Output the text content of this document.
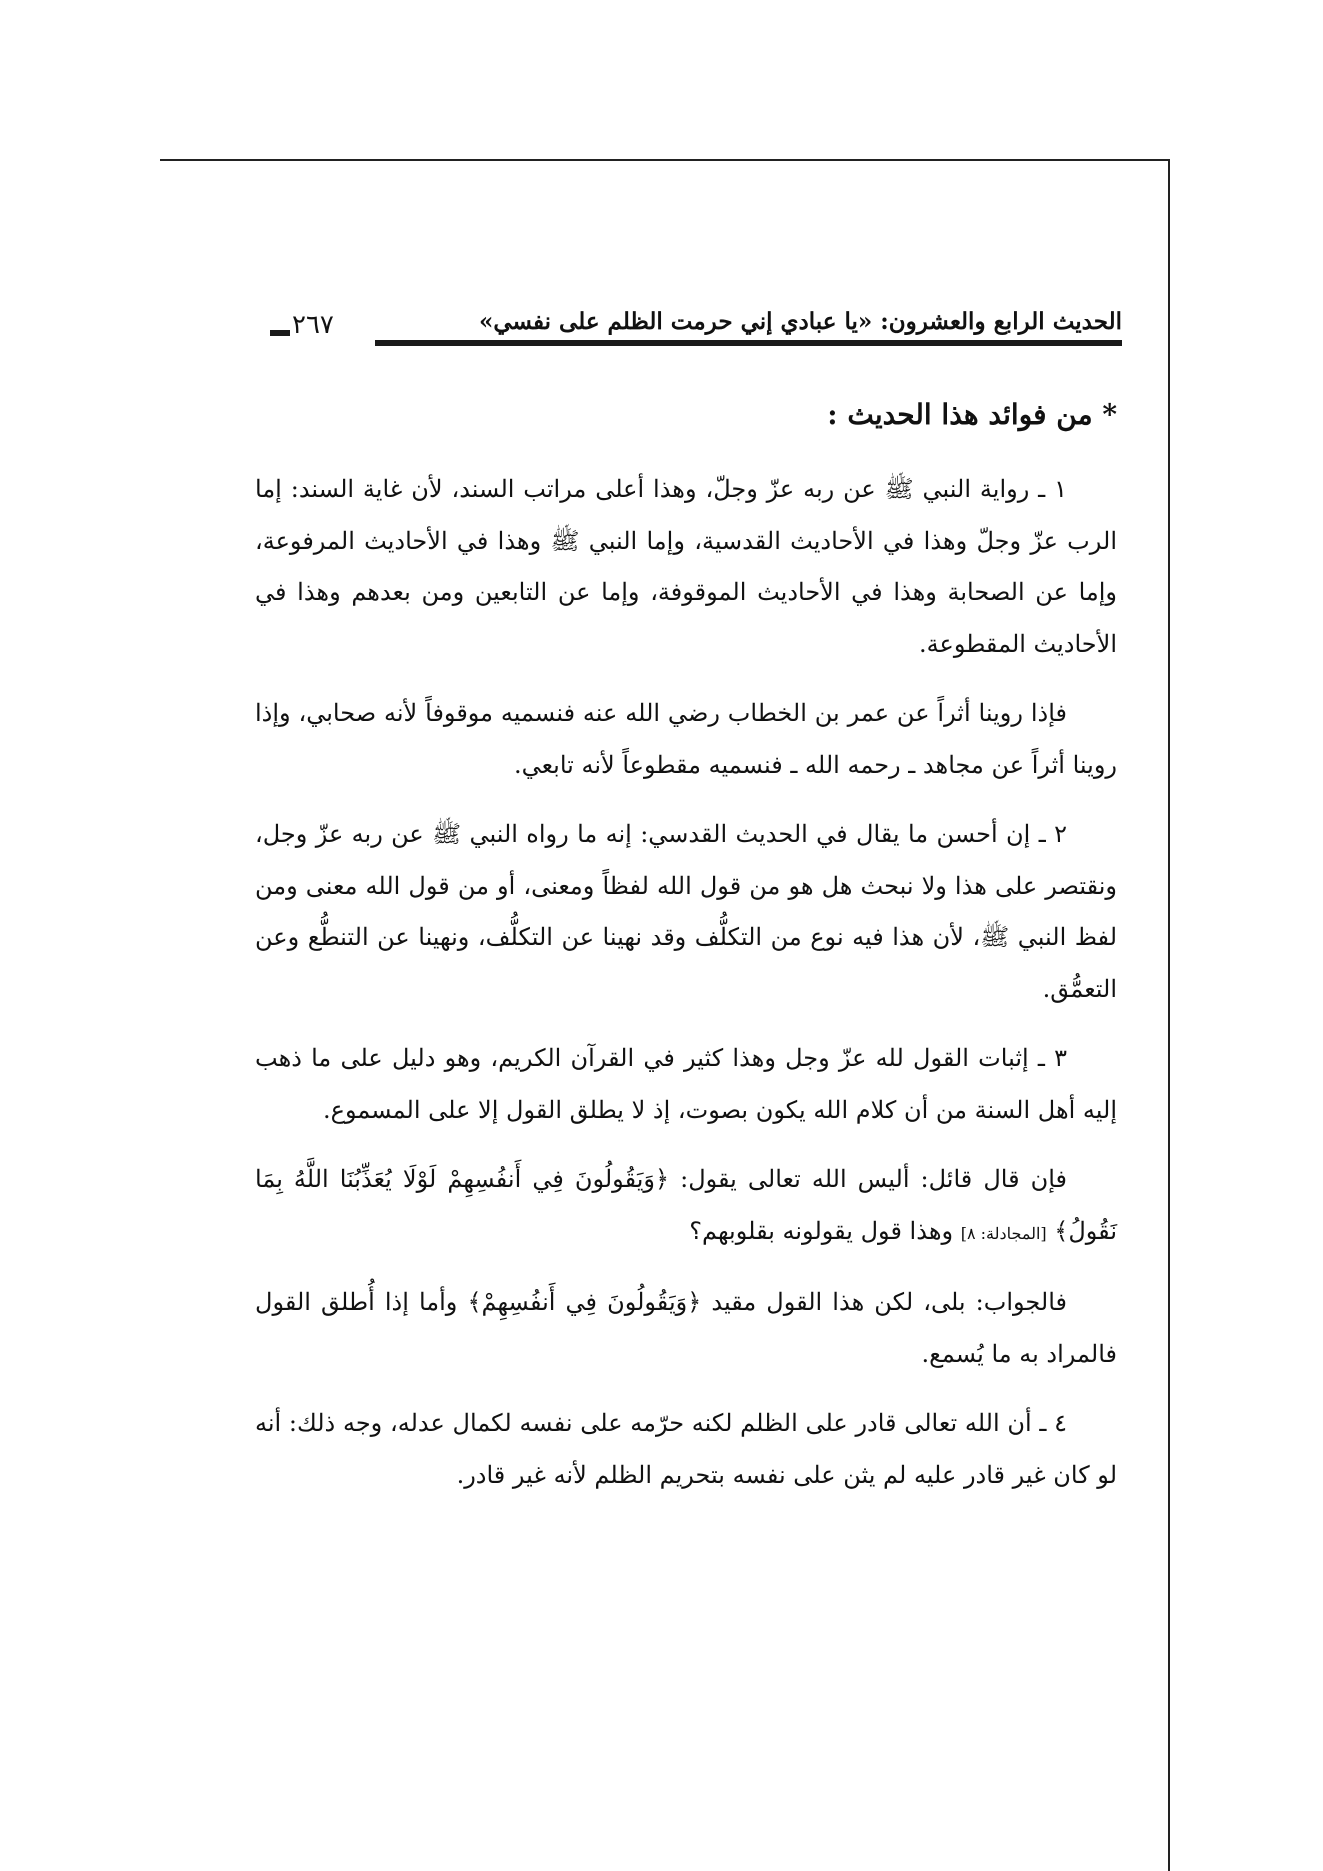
الحديث الرابع والعشرون: «يا عبادي إني حرمت الظلم على نفسي»
٢٦٧
* من فوائد هذا الحديث :

١ ـ رواية النبي ﷺ عن ربه عزّ وجلّ، وهذا أعلى مراتب السند، لأن غاية السند: إما الرب عزّ وجلّ وهذا في الأحاديث القدسية، وإما النبي ﷺ وهذا في الأحاديث المرفوعة، وإما عن الصحابة وهذا في الأحاديث الموقوفة، وإما عن التابعين ومن بعدهم وهذا في الأحاديث المقطوعة.

فإذا روينا أثراً عن عمر بن الخطاب رضي الله عنه فنسميه موقوفاً لأنه صحابي، وإذا روينا أثراً عن مجاهد ـ رحمه الله ـ فنسميه مقطوعاً لأنه تابعي.

٢ ـ إن أحسن ما يقال في الحديث القدسي: إنه ما رواه النبي ﷺ عن ربه عزّ وجل، ونقتصر على هذا ولا نبحث هل هو من قول الله لفظاً ومعنى، أو من قول الله معنى ومن لفظ النبي ﷺ، لأن هذا فيه نوع من التكلُّف وقد نهينا عن التكلُّف، ونهينا عن التنطُّع وعن التعمُّق.

٣ ـ إثبات القول لله عزّ وجل وهذا كثير في القرآن الكريم، وهو دليل على ما ذهب إليه أهل السنة من أن كلام الله يكون بصوت، إذ لا يطلق القول إلا على المسموع.

فإن قال قائل: أليس الله تعالى يقول: ﴿وَيَقُولُونَ فِي أَنفُسِهِمْ لَوْلَا يُعَذِّبُنَا اللَّهُ بِمَا نَقُولُ﴾ [المجادلة: ٨] وهذا قول يقولونه بقلوبهم؟

فالجواب: بلى، لكن هذا القول مقيد ﴿وَيَقُولُونَ فِي أَنفُسِهِمْ﴾ وأما إذا أُطلق القول فالمراد به ما يُسمع.

٤ ـ أن الله تعالى قادر على الظلم لكنه حرّمه على نفسه لكمال عدله، وجه ذلك: أنه لو كان غير قادر عليه لم يثن على نفسه بتحريم الظلم لأنه غير قادر.
